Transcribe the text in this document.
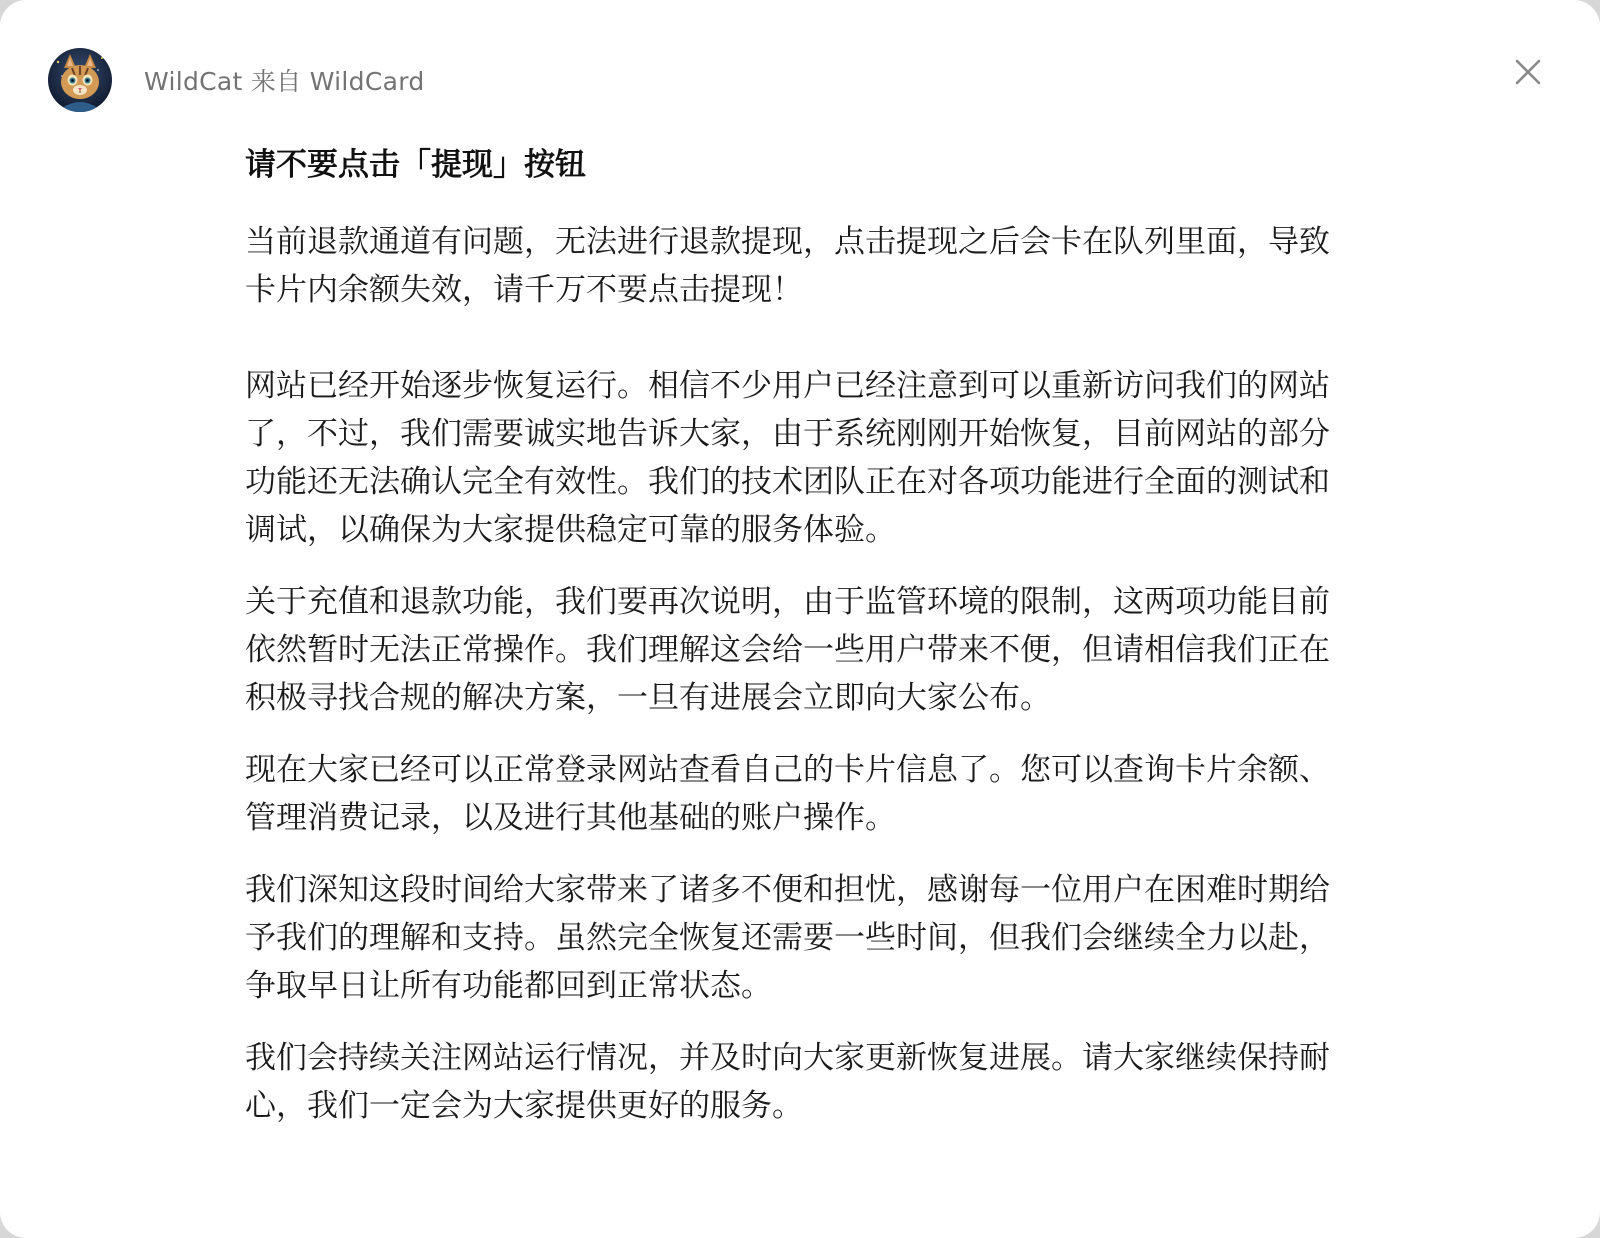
WildCat 来自 WildCard
请不要点击「提现」按钮

当前退款通道有问题，无法进行退款提现，点击提现之后会卡在队列里面，导致卡片内余额失效，请千万不要点击提现！

网站已经开始逐步恢复运行。相信不少用户已经注意到可以重新访问我们的网站了，不过，我们需要诚实地告诉大家，由于系统刚刚开始恢复，目前网站的部分功能还无法确认完全有效性。我们的技术团队正在对各项功能进行全面的测试和调试，以确保为大家提供稳定可靠的服务体验。

关于充值和退款功能，我们要再次说明，由于监管环境的限制，这两项功能目前依然暂时无法正常操作。我们理解这会给一些用户带来不便，但请相信我们正在积极寻找合规的解决方案，一旦有进展会立即向大家公布。

现在大家已经可以正常登录网站查看自己的卡片信息了。您可以查询卡片余额、管理消费记录，以及进行其他基础的账户操作。

我们深知这段时间给大家带来了诸多不便和担忧，感谢每一位用户在困难时期给予我们的理解和支持。虽然完全恢复还需要一些时间，但我们会继续全力以赴，争取早日让所有功能都回到正常状态。

我们会持续关注网站运行情况，并及时向大家更新恢复进展。请大家继续保持耐心，我们一定会为大家提供更好的服务。
